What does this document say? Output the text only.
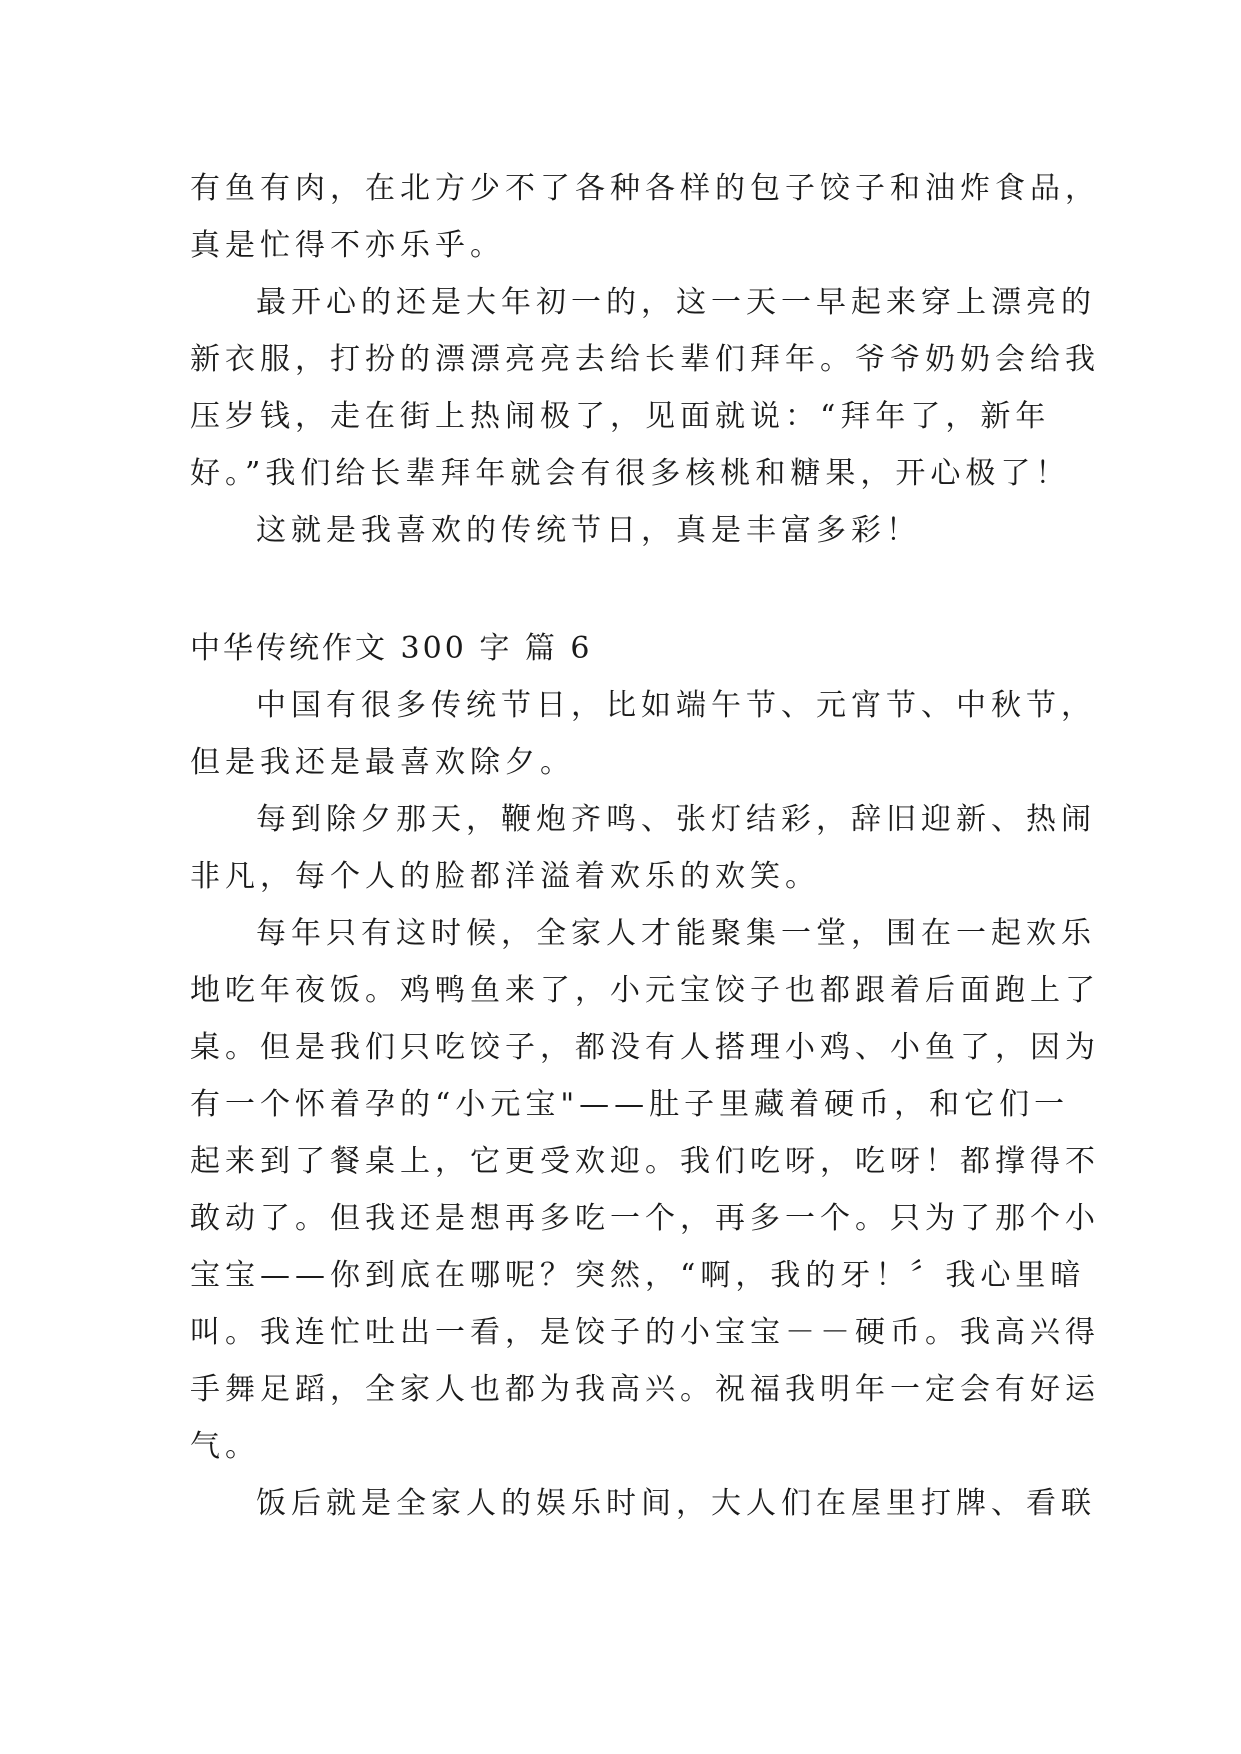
有鱼有肉，在北方少不了各种各样的包子饺子和油炸食品，
真是忙得不亦乐乎。
最开心的还是大年初一的，这一天一早起来穿上漂亮的
新衣服，打扮的漂漂亮亮去给长辈们拜年。爷爷奶奶会给我
压岁钱，走在街上热闹极了，见面就说：“拜年了，新年
好。”我们给长辈拜年就会有很多核桃和糖果，开心极了！
这就是我喜欢的传统节日，真是丰富多彩！
中华传统作文 300 字 篇 6
中国有很多传统节日，比如端午节、元宵节、中秋节，
但是我还是最喜欢除夕。
每到除夕那天，鞭炮齐鸣、张灯结彩，辞旧迎新、热闹
非凡，每个人的脸都洋溢着欢乐的欢笑。
每年只有这时候，全家人才能聚集一堂，围在一起欢乐
地吃年夜饭。鸡鸭鱼来了，小元宝饺子也都跟着后面跑上了
桌。但是我们只吃饺子，都没有人搭理小鸡、小鱼了，因为
有一个怀着孕的“小元宝"——肚子里藏着硬币，和它们一
起来到了餐桌上，它更受欢迎。我们吃呀，吃呀！都撑得不
敢动了。但我还是想再多吃一个，再多一个。只为了那个小
宝宝——你到底在哪呢？突然，“啊，我的牙！〞我心里暗
叫。我连忙吐出一看，是饺子的小宝宝－－硬币。我高兴得
手舞足蹈，全家人也都为我高兴。祝福我明年一定会有好运
气。
饭后就是全家人的娱乐时间，大人们在屋里打牌、看联
